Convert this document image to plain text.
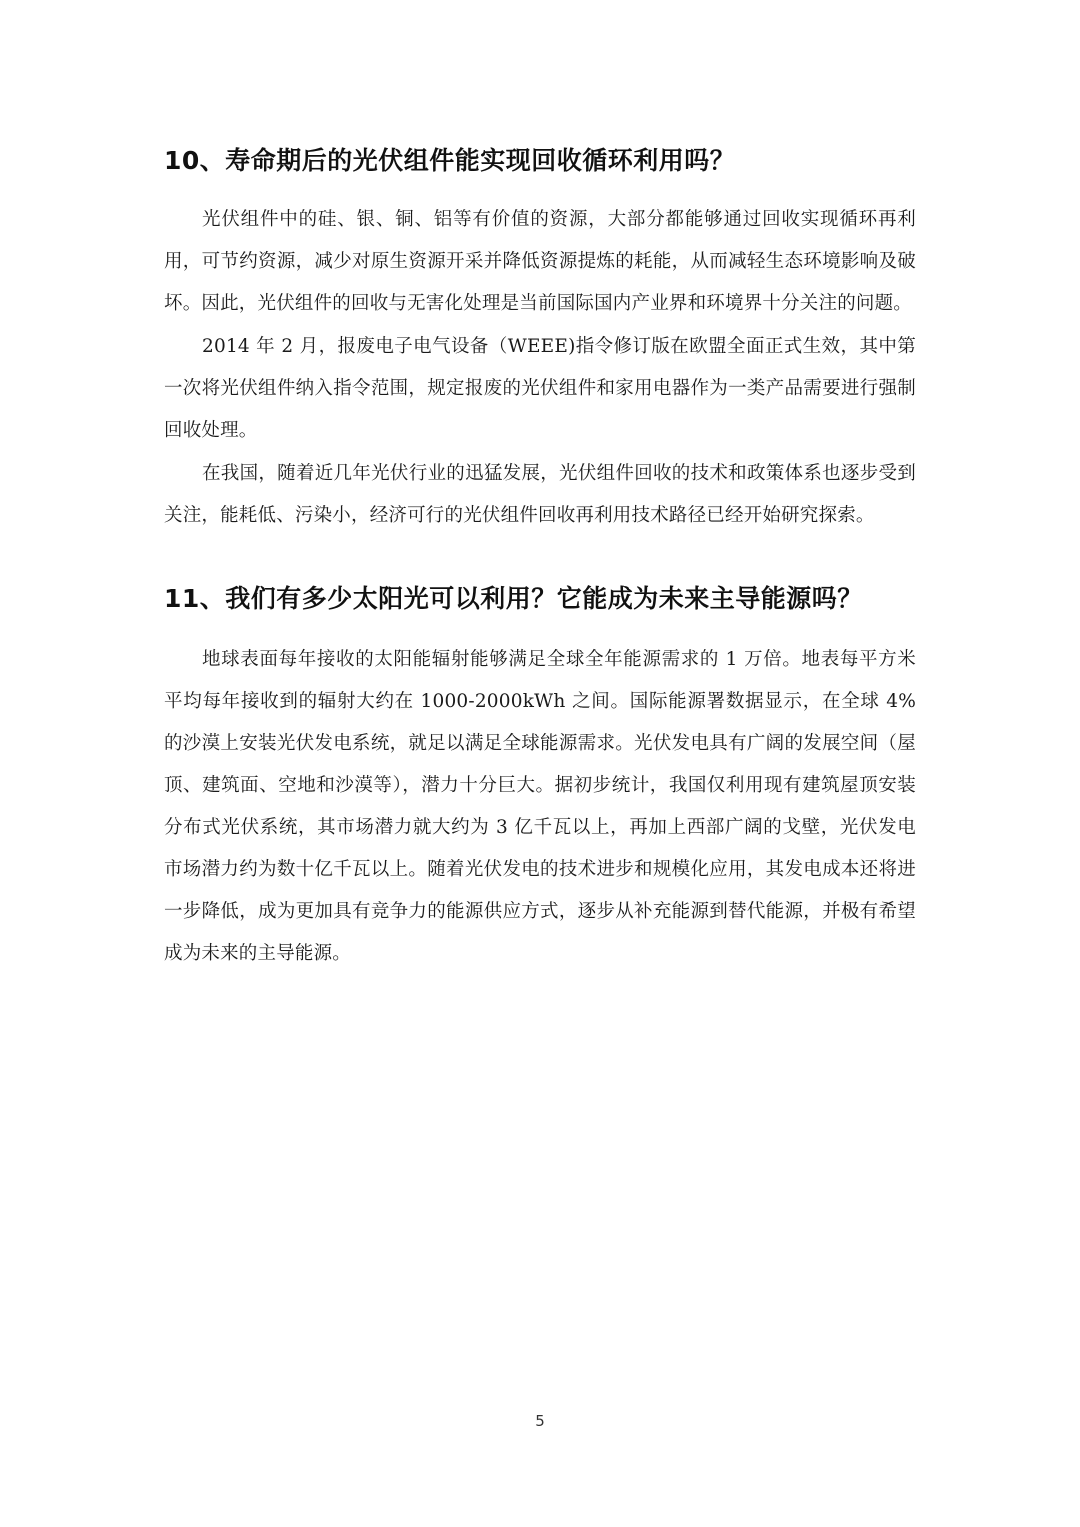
10、寿命期后的光伏组件能实现回收循环利用吗？

光伏组件中的硅、银、铜、铝等有价值的资源，大部分都能够通过回收实现循环再利用，可节约资源，减少对原生资源开采并降低资源提炼的耗能，从而减轻生态环境影响及破坏。因此，光伏组件的回收与无害化处理是当前国际国内产业界和环境界十分关注的问题。

2014 年 2 月，报废电子电气设备（WEEE)指令修订版在欧盟全面正式生效，其中第一次将光伏组件纳入指令范围，规定报废的光伏组件和家用电器作为一类产品需要进行强制回收处理。

在我国，随着近几年光伏行业的迅猛发展，光伏组件回收的技术和政策体系也逐步受到关注，能耗低、污染小，经济可行的光伏组件回收再利用技术路径已经开始研究探索。

11、我们有多少太阳光可以利用？它能成为未来主导能源吗？

地球表面每年接收的太阳能辐射能够满足全球全年能源需求的 1 万倍。地表每平方米平均每年接收到的辐射大约在 1000-2000kWh 之间。国际能源署数据显示，在全球 4%的沙漠上安装光伏发电系统，就足以满足全球能源需求。光伏发电具有广阔的发展空间（屋顶、建筑面、空地和沙漠等），潜力十分巨大。据初步统计，我国仅利用现有建筑屋顶安装分布式光伏系统，其市场潜力就大约为 3 亿千瓦以上，再加上西部广阔的戈壁，光伏发电市场潜力约为数十亿千瓦以上。随着光伏发电的技术进步和规模化应用，其发电成本还将进一步降低，成为更加具有竞争力的能源供应方式，逐步从补充能源到替代能源，并极有希望成为未来的主导能源。

5
